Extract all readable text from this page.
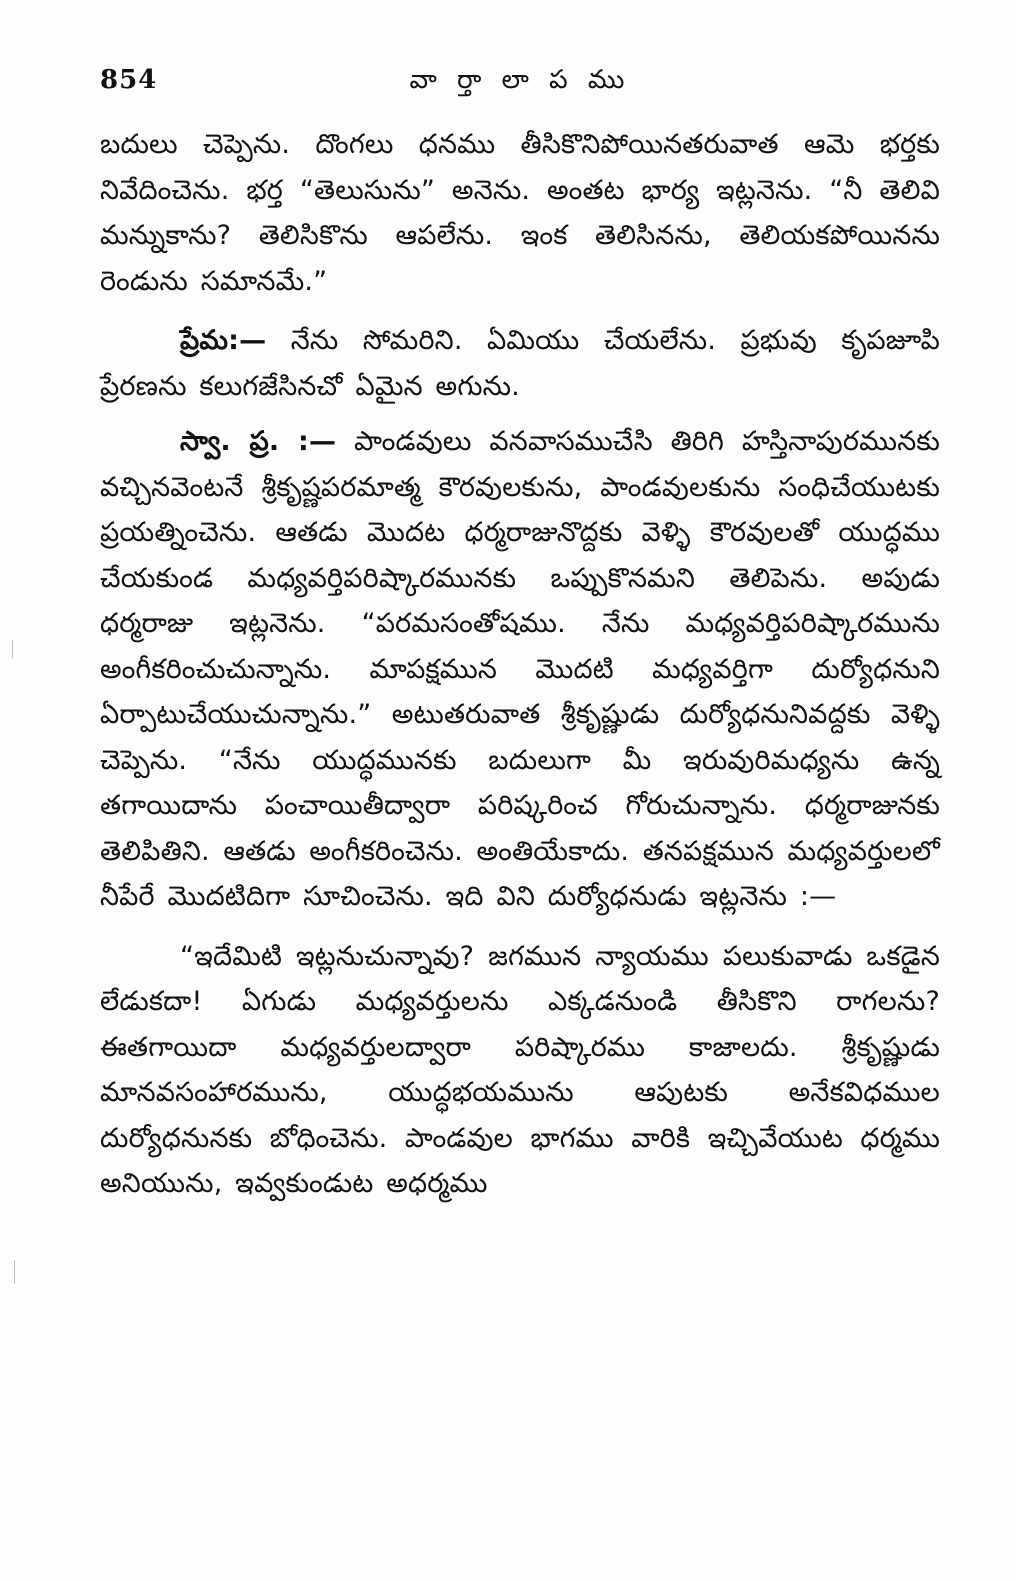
854	వా ర్తా లా ప ము

బదులు చెప్పెను. దొంగలు ధనము తీసికొనిపోయినతరువాత ఆమె భర్తకు నివేదించెను. భర్త “తెలుసును” అనెను. అంతట భార్య ఇట్లనెను. “నీ తెలివి మన్నుకాను? తెలిసికొను ఆపలేను. ఇంక తెలిసినను, తెలియకపోయినను రెండును సమానమే.”

ప్రేమ:— నేను సోమరిని. ఏమియు చేయలేను. ప్రభువు కృపజూపి ప్రేరణను కలుగజేసినచో ఏమైన అగును.

స్వా. ప్ర. :— పాండవులు వనవాసముచేసి తిరిగి హస్తినాపురమునకు వచ్చినవెంటనే శ్రీకృష్ణపరమాత్మ కౌరవులకును, పాండవులకును సంధిచేయుటకు ప్రయత్నించెను. ఆతడు మొదట ధర్మరాజునొద్దకు వెళ్ళి కౌరవులతో యుద్ధము చేయకుండ మధ్యవర్తిపరిష్కారమునకు ఒప్పుకొనమని తెలిపెను. అపుడు ధర్మరాజు ఇట్లనెను. “పరమసంతోషము. నేను మధ్యవర్తిపరిష్కారమును అంగీకరించుచున్నాను. మాపక్షమున మొదటి మధ్యవర్తిగా దుర్యోధనుని ఏర్పాటుచేయుచున్నాను.” అటుతరువాత శ్రీకృష్ణుడు దుర్యోధనునివద్దకు వెళ్ళి చెప్పెను. “నేను యుద్ధమునకు బదులుగా మీ ఇరువురిమధ్యను ఉన్న తగాయిదాను పంచాయితీద్వారా పరిష్కరించ గోరుచున్నాను. ధర్మరాజునకు తెలిపితిని. ఆతడు అంగీకరించెను. అంతియేకాదు. తనపక్షమున మధ్యవర్తులలో నీపేరే మొదటిదిగా సూచించెను. ఇది విని దుర్యోధనుడు ఇట్లనెను :—

“ఇదేమిటి ఇట్లనుచున్నావు? జగమున న్యాయము పలుకువాడు ఒకడైన లేడుకదా! ఏగుడు మధ్యవర్తులను ఎక్కడనుండి తీసికొని రాగలను? ఈతగాయిదా మధ్యవర్తులద్వారా పరిష్కారము కాజాలదు. శ్రీకృష్ణుడు మానవసంహారమును, యుద్ధభయమును ఆపుటకు అనేకవిధముల దుర్యోధనునకు బోధించెను. పాండవుల భాగము వారికి ఇచ్చివేయుట ధర్మము అనియును, ఇవ్వకుండుట అధర్మము
